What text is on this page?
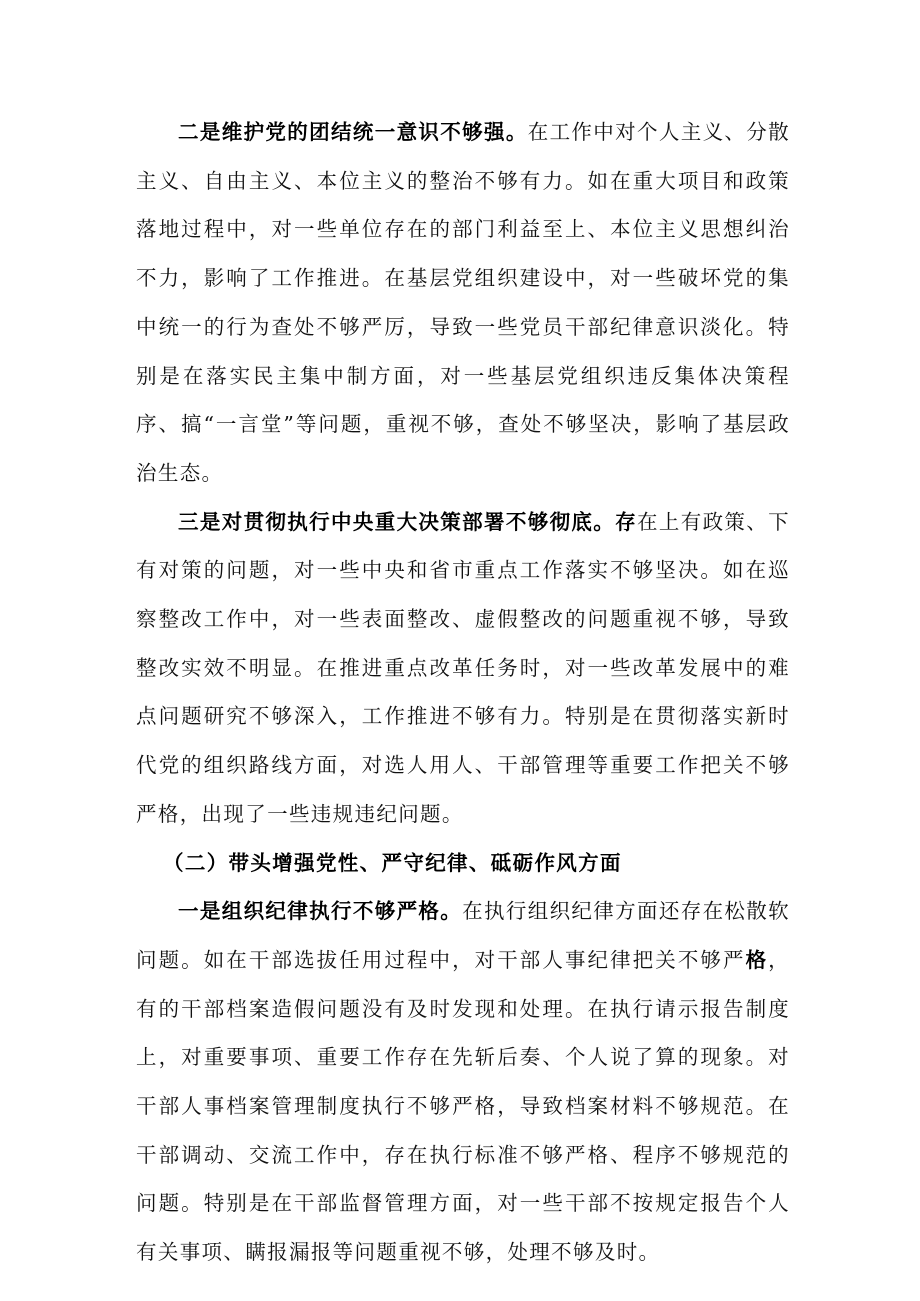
二是维护党的团结统一意识不够强。在工作中对个人主义、分散主义、自由主义、本位主义的整治不够有力。如在重大项目和政策落地过程中，对一些单位存在的部门利益至上、本位主义思想纠治不力，影响了工作推进。在基层党组织建设中，对一些破坏党的集中统一的行为查处不够严厉，导致一些党员干部纪律意识淡化。特别是在落实民主集中制方面，对一些基层党组织违反集体决策程序、搞“一言堂”等问题，重视不够，查处不够坚决，影响了基层政治生态。

三是对贯彻执行中央重大决策部署不够彻底。存在上有政策、下有对策的问题，对一些中央和省市重点工作落实不够坚决。如在巡察整改工作中，对一些表面整改、虚假整改的问题重视不够，导致整改实效不明显。在推进重点改革任务时，对一些改革发展中的难点问题研究不够深入，工作推进不够有力。特别是在贯彻落实新时代党的组织路线方面，对选人用人、干部管理等重要工作把关不够严格，出现了一些违规违纪问题。

（二）带头增强党性、严守纪律、砥砺作风方面

一是组织纪律执行不够严格。在执行组织纪律方面还存在松散软问题。如在干部选拔任用过程中，对干部人事纪律把关不够严格，有的干部档案造假问题没有及时发现和处理。在执行请示报告制度上，对重要事项、重要工作存在先斩后奏、个人说了算的现象。对干部人事档案管理制度执行不够严格，导致档案材料不够规范。在干部调动、交流工作中，存在执行标准不够严格、程序不够规范的问题。特别是在干部监督管理方面，对一些干部不按规定报告个人有关事项、瞒报漏报等问题重视不够，处理不够及时。
